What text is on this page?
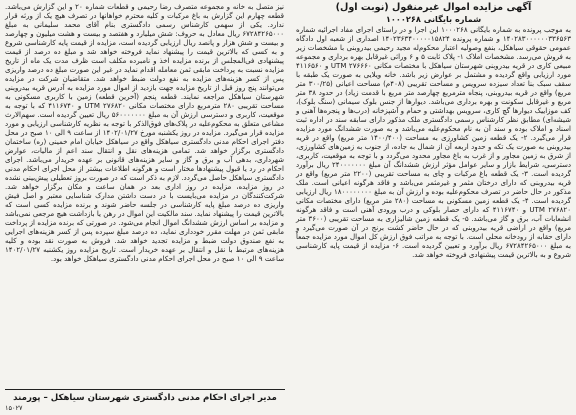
آگهی مزایده اموال غیرمنقول (نوبت اول)
شماره بایگانی ۱۰۰۰۲۶۸

به موجب پرونده به شماره بایگانی ۱۰۰۰۲۶۸ این اجرا و در راستای اجرای مفاد اجرائیه شماره ۱۴۰۲۸۳۰۰۰۰۰۰۳۳۶۵۶۳ و شماره پرونده ۱۴۰۲۳۶۳۴۰۰۰۰۰۱۵۸۲۴ اصداری از شعبه اول دادگاه عمومی حقوقی سیاهکل، بنفع وصولیه اعتبار محکوم‌له مجید رحیمی بیدروبنی با مشخصات زیر به فروش می‌رسد. مشخصات املاک ۱- پلاک ثابت ۵ و ۶ وراثی غیرقابل بهره برداری و مجموعه مبیعی کاری در قریه بیدروبنی شهرستان سیاهکل با مختصات مکانی UTM ۲۷۶۶۶۰ و ۴۱۱۶۵۶۰ مورد ارزیابی واقع گردیده و مشتمل بر عوارض زیر باشد. خانه ویلایی به صورت یک طبقه با سقف سبک بنا تعداد سیزده سرویس و مساحت تقریبی (۴۰۸م) مساحت اعیانی (۳۰۰/۲۵ متر مربع) واقع در قریه بیدروبنی، پنجاه مترمربع چهارصد متر مربع با قدمت زیاد) در حدود ۳۸ متر مربع و غیرقابل سکونت و بهره برداری می‌باشد. دیوارها از جنس بلوک سیمانی (سنگ بلوک)، کف موزاییک دیوارها گچ کاری، سرویس بهداشتی و حمام و آشپزخانه (درب‌ها و پنجره‌ها آهنی و شیشه‌ای) مطابق نظر کارشناس رسمی دادگستری ملک مذکور دارای سابقه سند در اداره ثبت اسناد و املاک بوده و سند آن به نام محکوم‌علیه می‌باشد و به صورت ششدانگ مورد مزایده قرار می‌گیرد. ۲- یک قطعه زمین کشاورزی به مساحت (۱۴۰۰/۴۰۰ متر مربع) واقع در قریه بیدروبنی به صورت یک تکه و حدود اربعه آن از شمال به جاده، از جنوب به زمین‌های کشاورزی، از شرق به زمین مجاور و از غرب به باغ مجاور محدود می‌گردد و با توجه به موقعیت، کاربری، دسترسی، شرایط بازار و سایر عوامل مؤثر ارزش ششدانگ آن مبلغ ۲۴۰۰۰۰۰۰۰ ریال برآورد گردیده است. ۳- یک قطعه باغ مرکبات و چای به مساحت تقریبی (۲۲۰۰ متر مربع) واقع در قریه بیدروبنی که دارای درختان مثمر و غیرمثمر می‌باشد و فاقد هرگونه اعیانی است. ملک مذکور در حال حاضر در تصرف محکوم‌علیه بوده و ارزش آن به مبلغ ۱۸۰۰۰۰۰۰۰۰ ریال ارزیابی گردیده است. ۴- یک قطعه زمین مسکونی به مساحت (۲۸۰ متر مربع) دارای مختصات مکانی UTM ۲۷۶۸۲۰ و ۴۱۱۶۷۴۰ که دارای حصار بلوکی و درب ورودی آهنی است و فاقد هرگونه انشعابات آب، برق و گاز می‌باشد. ۵- یک قطعه زمین شالیزاری به مساحت تقریبی (۳۶۰۰ متر مربع) واقع در اراضی قریه بیدروبنی که در حال حاضر کشت برنج در آن صورت می‌گیرد و دارای حقابه از رودخانه محلی است. با توجه به مراتب فوق ارزش کل اموال مورد مزایده جمعاً به مبلغ ۶۷۲۸۴۲۶۵۰۰۰ ریال برآورد و تعیین گردیده است. ۶- مزایده از قیمت پایه کارشناسی شروع و به بالاترین قیمت پیشنهادی فروخته خواهد شد.

نیز متصل به خانه و مجموعه متصرف رضا رحیمی و قطعات شماره ۲۰ و این گزارش می‌باشد. قطعه چهارم این گزارش به باغ مرکبات و کلیه محترم خواهانها در تصرف هیچ یک از ورثه قرار ندارد. یکی از سهمی کارشناس رسمی دادگستری بنام آقای محمد سلیمانی به مبلغ ۶۷۲۸۴۲۶۵۰۰۰ ریال معادل به حروف: شش میلیارد و هفتصد و بیست و هشت میلیون و چهارصد و بیست و شش هزار و پانصد ریال ارزیابی گردیده است، مزایده از قیمت پایه کارشناسی شروع و به کسی که بالاترین قیمت را پیشنهاد نماید فروخته خواهد شد و مبلغ ده درصد از قیمت پیشنهادی فی‌المجلس از برنده مزایده اخذ و نامبرده مکلف است ظرف مدت یک ماه از تاریخ مزایده نسبت به پرداخت مابقی ثمن معامله اقدام نماید در غیر این صورت مبلغ ده درصد واریزی پس از کسر هزینه‌های مزایده به نفع دولت ضبط خواهد شد. متقاضیان شرکت در مزایده می‌توانند پنج روز قبل از تاریخ مزایده جهت بازدید از اموال مورد مزایده به آدرس قریه بیدروبنی شهرستان سیاهکل مراجعه نمایند. قطعه پنجم (آخرین قطعه) زمین با کاربری مسکونی به مساحت تقریبی ۲۸۰ مترمربع دارای مختصات مکانی UTM ۲۷۶۸۲۰ و ۴۱۱۶۷۴۰ که با توجه به موقعیت، کاربری و دسترسی ارزش آن به مبلغ ۵۶۰۰۰۰۰۰۰ ریال تعیین گردیده است. سهم‌الارث مشاعی متعلق به محکوم‌علیه در پلاک‌های فوق‌الذکر با توجه به نظریه کارشناسی ارزیابی و مورد مزایده قرار می‌گیرد. مزایده در روز یکشنبه مورخ ۱۴۰۲/۰۱/۲۷ از ساعت ۹ الی ۱۰ صبح در محل دفتر اجرای احکام مدنی دادگستری سیاهکل واقع در سیاهکل خیابان امام خمینی (ره) ساختمان دادگستری برگزار خواهد شد. تمامی هزینه‌های نقل و انتقال سند اعم از مالیات، عوارض شهرداری، بدهی آب و برق و گاز و سایر هزینه‌های قانونی بر عهده خریدار می‌باشد. اجرای احکام در رد یا قبول پیشنهادها مختار است و هرگونه اطلاعات بیشتر از محل اجرای احکام مدنی دادگستری سیاهکل حاصل می‌گردد. لازم به ذکر است که در صورت بروز تعطیلی پیش‌بینی نشده در روز مزایده، مزایده در روز اداری بعد در همان ساعت و مکان برگزار خواهد شد. شرکت‌کنندگان در مزایده می‌بایست با در دست داشتن مدارک شناسایی معتبر و اصل فیش واریزی ده درصد مبلغ پایه کارشناسی در جلسه حاضر شوند و برنده مزایده کسی است که بالاترین قیمت را پیشنهاد نماید. سند مالکیت این اموال در رهن یا بازداشت هیچ مرجعی نمی‌باشد و مزایده بر اساس ارزش ششدانگ اموال انجام می‌شود. در صورتی که برنده مزایده از پرداخت مابقی ثمن در مهلت مقرر خودداری نماید، ده درصد مبلغ سپرده پس از کسر هزینه‌های اجرایی به نفع صندوق دولت ضبط و مزایده تجدید خواهد شد. فروش به صورت نقد بوده و کلیه هزینه‌های مرتبط با نقل و انتقال بر عهده خریدار است. تاریخ مزایده روز یکشنبه ۱۴۰۲/۰۱/۲۷ ساعت ۹ الی ۱۰ صبح در محل اجرای احکام مدنی دادگستری سیاهکل خواهد بود.

مدیر اجرای احکام مدنی دادگستری شهرستان سیاهکل – پورمند
۱۵۰۲۷
